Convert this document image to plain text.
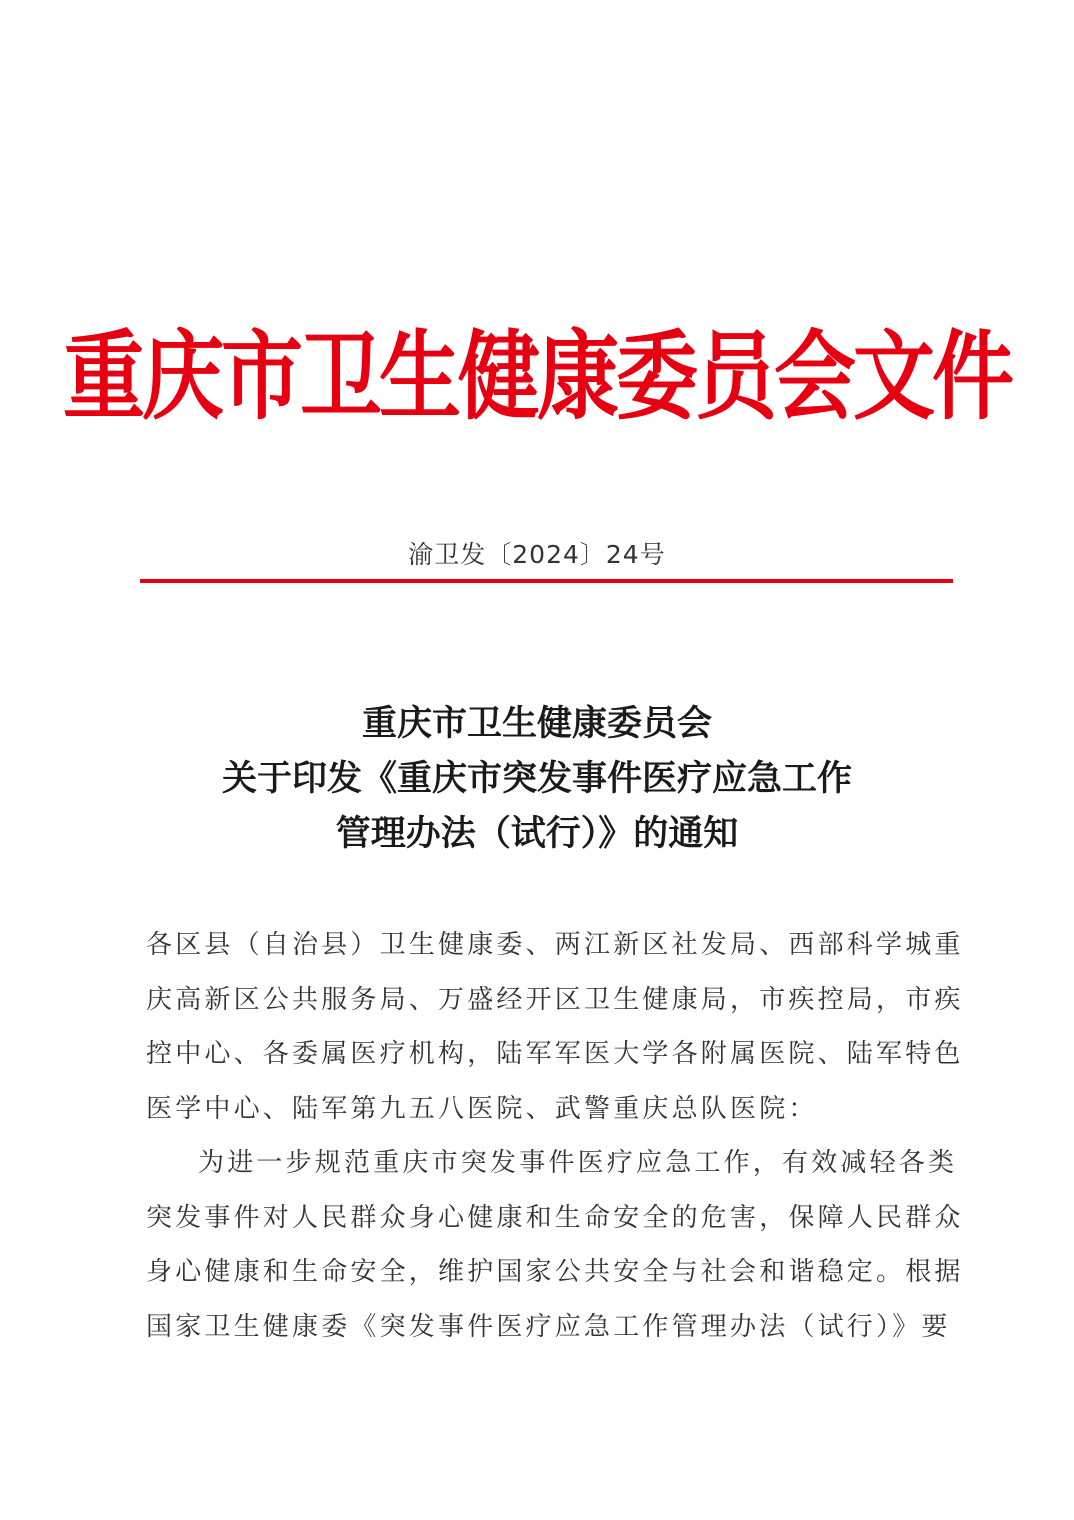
重庆市卫生健康委员会文件
渝卫发〔2024〕24号
重庆市卫生健康委员会
关于印发《重庆市突发事件医疗应急工作
管理办法（试行）》的通知
各区县（自治县）卫生健康委、两江新区社发局、西部科学城重
庆高新区公共服务局、万盛经开区卫生健康局，市疾控局，市疾
控中心、各委属医疗机构，陆军军医大学各附属医院、陆军特色
医学中心、陆军第九五八医院、武警重庆总队医院：
为进一步规范重庆市突发事件医疗应急工作，有效减轻各类
突发事件对人民群众身心健康和生命安全的危害，保障人民群众
身心健康和生命安全，维护国家公共安全与社会和谐稳定。根据
国家卫生健康委《突发事件医疗应急工作管理办法（试行）》要
